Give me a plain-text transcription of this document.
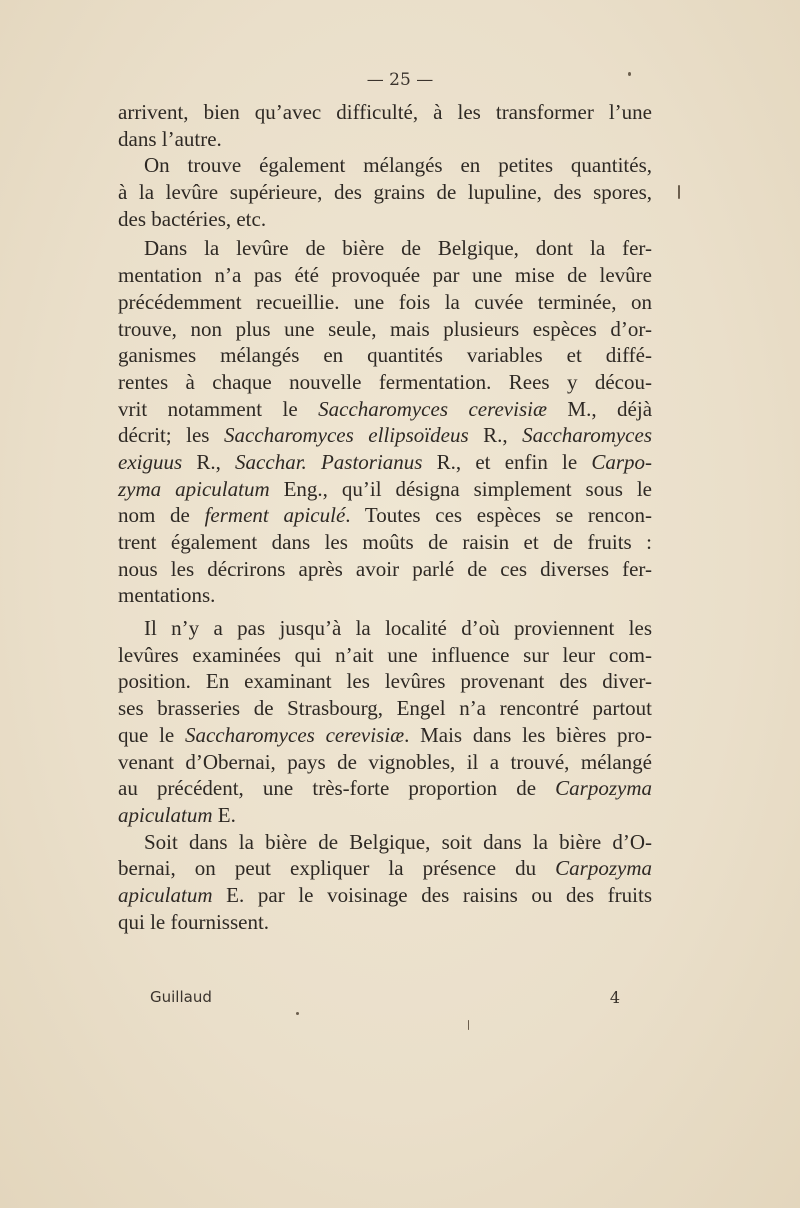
— 25 —
arrivent, bien qu’avec difficulté, à les transformer l’une
dans l’autre.
On trouve également mélangés en petites quantités,
à la levûre supérieure, des grains de lupuline, des spores,
des bactéries, etc.
Dans la levûre de bière de Belgique, dont la fer-
mentation n’a pas été provoquée par une mise de levûre
précédemment recueillie. une fois la cuvée terminée, on
trouve, non plus une seule, mais plusieurs espèces d’or-
ganismes mélangés en quantités variables et diffé-
rentes à chaque nouvelle fermentation. Rees y décou-
vrit notamment le Saccharomyces cerevisiæ M., déjà
décrit; les Saccharomyces ellipsoïdeus R., Saccharomyces
exiguus R., Sacchar. Pastorianus R., et enfin le Carpo-
zyma apiculatum Eng., qu’il désigna simplement sous le
nom de ferment apiculé. Toutes ces espèces se rencon-
trent également dans les moûts de raisin et de fruits :
nous les décrirons après avoir parlé de ces diverses fer-
mentations.
Il n’y a pas jusqu’à la localité d’où proviennent les
levûres examinées qui n’ait une influence sur leur com-
position. En examinant les levûres provenant des diver-
ses brasseries de Strasbourg, Engel n’a rencontré partout
que le Saccharomyces cerevisiæ. Mais dans les bières pro-
venant d’Obernai, pays de vignobles, il a trouvé, mélangé
au précédent, une très-forte proportion de Carpozyma
apiculatum E.
Soit dans la bière de Belgique, soit dans la bière d’O-
bernai, on peut expliquer la présence du Carpozyma
apiculatum E. par le voisinage des raisins ou des fruits
qui le fournissent.
Guillaud	4
